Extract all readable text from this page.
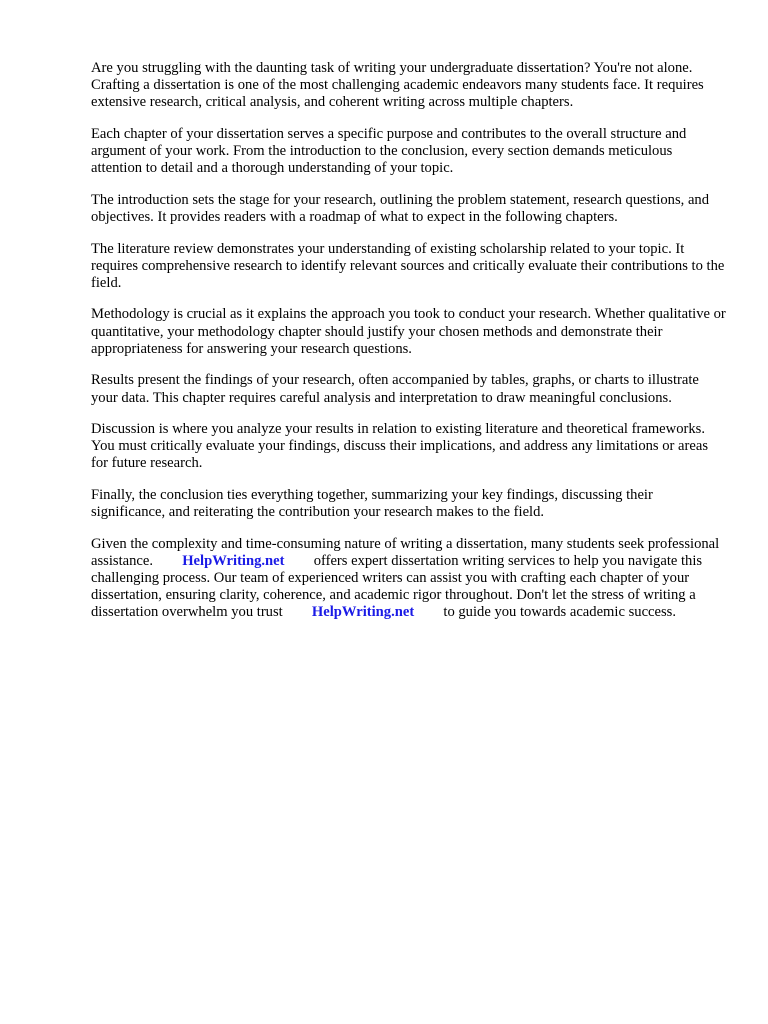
Are you struggling with the daunting task of writing your undergraduate dissertation? You're not alone. Crafting a dissertation is one of the most challenging academic endeavors many students face. It requires extensive research, critical analysis, and coherent writing across multiple chapters.

Each chapter of your dissertation serves a specific purpose and contributes to the overall structure and argument of your work. From the introduction to the conclusion, every section demands meticulous attention to detail and a thorough understanding of your topic.

The introduction sets the stage for your research, outlining the problem statement, research questions, and objectives. It provides readers with a roadmap of what to expect in the following chapters.

The literature review demonstrates your understanding of existing scholarship related to your topic. It requires comprehensive research to identify relevant sources and critically evaluate their contributions to the field.

Methodology is crucial as it explains the approach you took to conduct your research. Whether qualitative or quantitative, your methodology chapter should justify your chosen methods and demonstrate their appropriateness for answering your research questions.

Results present the findings of your research, often accompanied by tables, graphs, or charts to illustrate your data. This chapter requires careful analysis and interpretation to draw meaningful conclusions.

Discussion is where you analyze your results in relation to existing literature and theoretical frameworks. You must critically evaluate your findings, discuss their implications, and address any limitations or areas for future research.

Finally, the conclusion ties everything together, summarizing your key findings, discussing their significance, and reiterating the contribution your research makes to the field.

Given the complexity and time-consuming nature of writing a dissertation, many students seek professional assistance. HelpWriting.net offers expert dissertation writing services to help you navigate this challenging process. Our team of experienced writers can assist you with crafting each chapter of your dissertation, ensuring clarity, coherence, and academic rigor throughout. Don't let the stress of writing a dissertation overwhelm you trust HelpWriting.net to guide you towards academic success.
